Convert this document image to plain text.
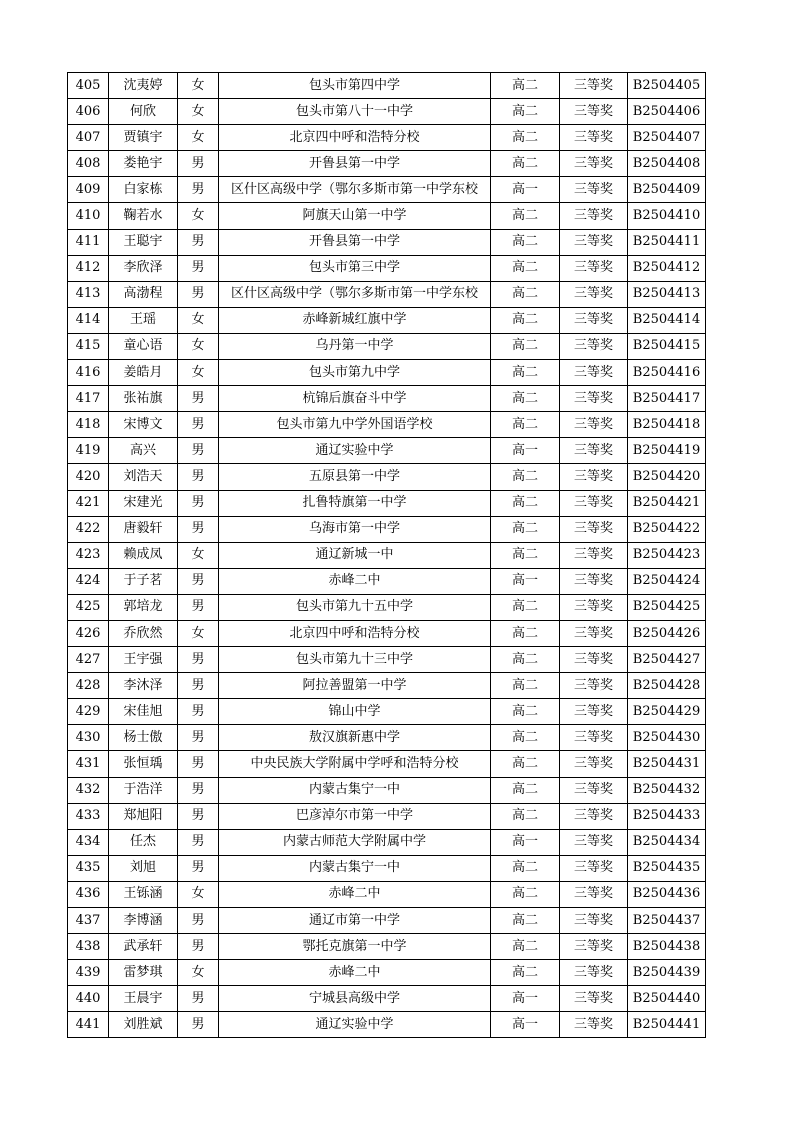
405	沈夷婷	女	包头市第四中学	高二	三等奖	B2504405
406	何欣	女	包头市第八十一中学	高二	三等奖	B2504406
407	贾镇宇	女	北京四中呼和浩特分校	高二	三等奖	B2504407
408	娄艳宇	男	开鲁县第一中学	高二	三等奖	B2504408
409	白家栋	男	区什区高级中学（鄂尔多斯市第一中学东校	高一	三等奖	B2504409
410	鞠若水	女	阿旗天山第一中学	高二	三等奖	B2504410
411	王聪宇	男	开鲁县第一中学	高二	三等奖	B2504411
412	李欣泽	男	包头市第三中学	高二	三等奖	B2504412
413	高渤程	男	区什区高级中学（鄂尔多斯市第一中学东校	高二	三等奖	B2504413
414	王瑶	女	赤峰新城红旗中学	高二	三等奖	B2504414
415	童心语	女	乌丹第一中学	高二	三等奖	B2504415
416	姜皓月	女	包头市第九中学	高二	三等奖	B2504416
417	张祐旗	男	杭锦后旗奋斗中学	高二	三等奖	B2504417
418	宋博文	男	包头市第九中学外国语学校	高二	三等奖	B2504418
419	高兴	男	通辽实验中学	高一	三等奖	B2504419
420	刘浩天	男	五原县第一中学	高二	三等奖	B2504420
421	宋建光	男	扎鲁特旗第一中学	高二	三等奖	B2504421
422	唐毅轩	男	乌海市第一中学	高二	三等奖	B2504422
423	赖成凤	女	通辽新城一中	高二	三等奖	B2504423
424	于子茗	男	赤峰二中	高一	三等奖	B2504424
425	郭培龙	男	包头市第九十五中学	高二	三等奖	B2504425
426	乔欣然	女	北京四中呼和浩特分校	高二	三等奖	B2504426
427	王宇强	男	包头市第九十三中学	高二	三等奖	B2504427
428	李沐泽	男	阿拉善盟第一中学	高二	三等奖	B2504428
429	宋佳旭	男	锦山中学	高二	三等奖	B2504429
430	杨士傲	男	敖汉旗新惠中学	高二	三等奖	B2504430
431	张恒瑀	男	中央民族大学附属中学呼和浩特分校	高二	三等奖	B2504431
432	于浩洋	男	内蒙古集宁一中	高二	三等奖	B2504432
433	郑旭阳	男	巴彦淖尔市第一中学	高二	三等奖	B2504433
434	任杰	男	内蒙古师范大学附属中学	高一	三等奖	B2504434
435	刘旭	男	内蒙古集宁一中	高二	三等奖	B2504435
436	王铄涵	女	赤峰二中	高二	三等奖	B2504436
437	李博涵	男	通辽市第一中学	高二	三等奖	B2504437
438	武承轩	男	鄂托克旗第一中学	高二	三等奖	B2504438
439	雷梦琪	女	赤峰二中	高二	三等奖	B2504439
440	王晨宇	男	宁城县高级中学	高一	三等奖	B2504440
441	刘胜斌	男	通辽实验中学	高一	三等奖	B2504441
